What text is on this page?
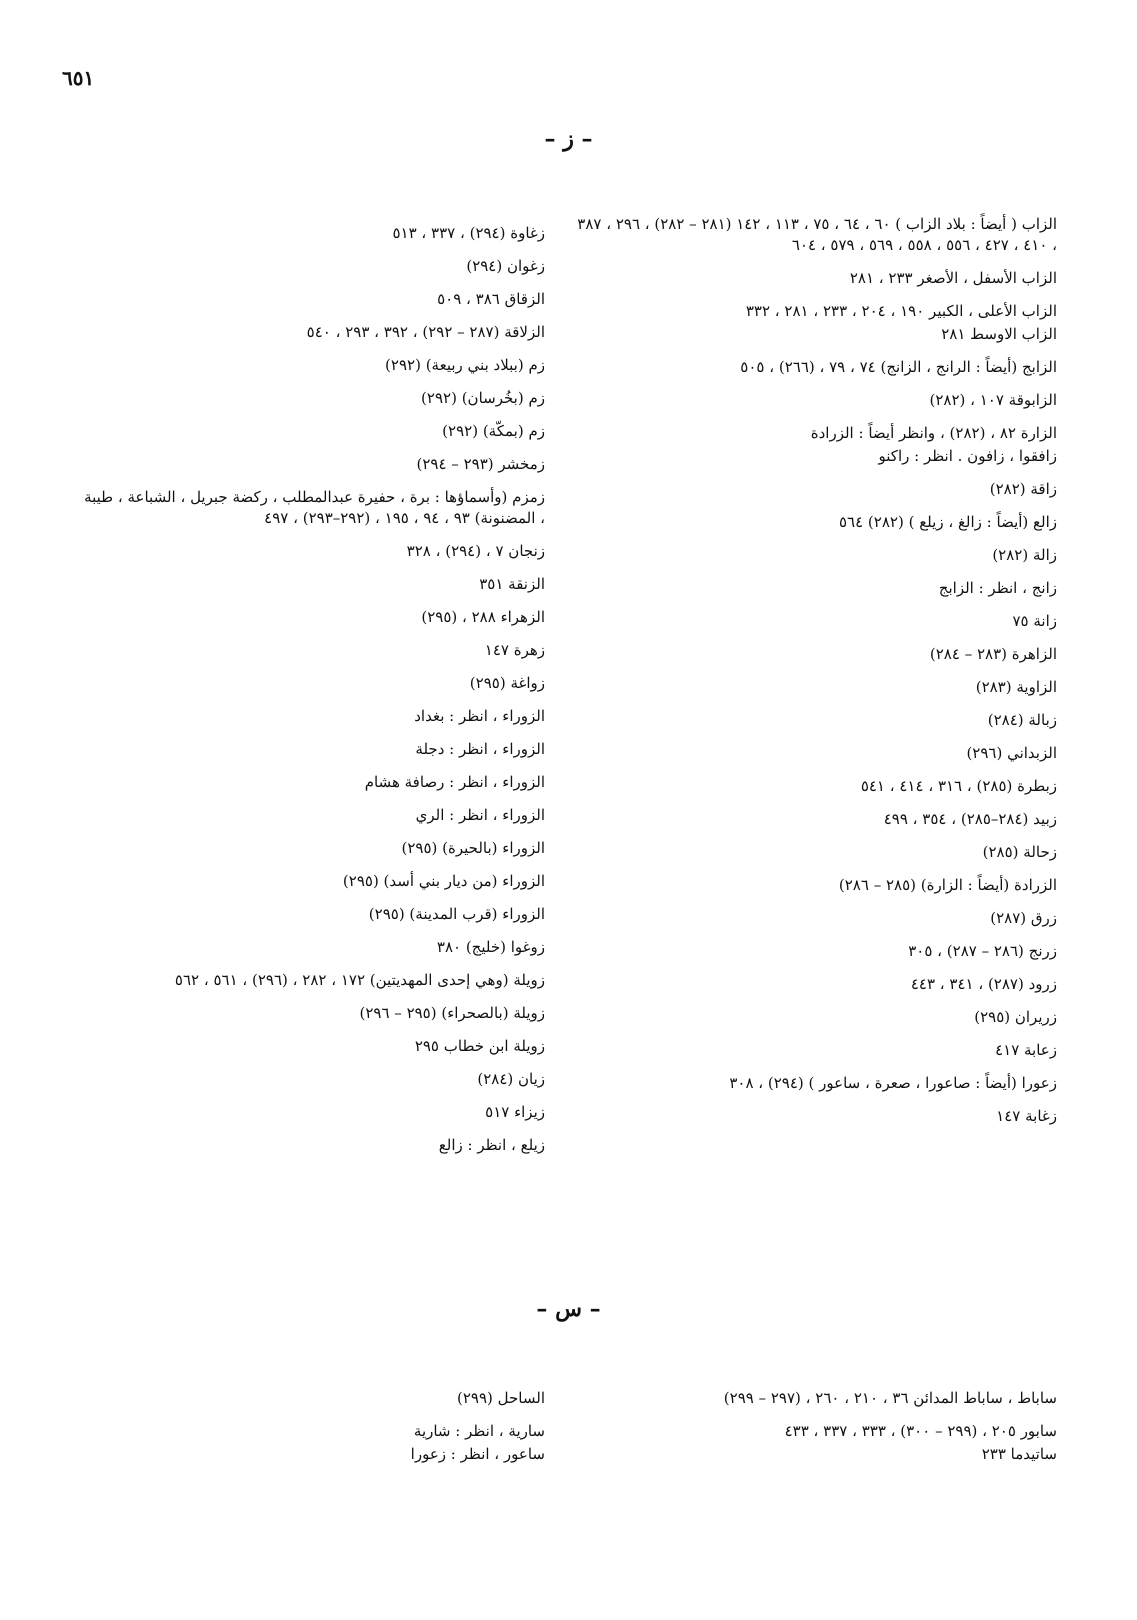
٦٥١
– ز –
الزاب ( أيضاً : بلاد الزاب ) ٦٠ ، ٦٤ ، ٧٥ ، ١١٣ ، ١٤٢ (٢٨١ – ٢٨٢) ، ٢٩٦ ، ٣٨٧ ، ٤١٠ ، ٤٢٧ ، ٥٥٦ ، ٥٥٨ ، ٥٦٩ ، ٥٧٩ ، ٦٠٤
الزاب الأسفل ، الأصغر ٢٣٣ ، ٢٨١
الزاب الأعلى ، الكبير ١٩٠ ، ٢٠٤ ، ٢٣٣ ، ٢٨١ ، ٣٣٢
الزاب الاوسط ٢٨١
الزابج (أيضاً : الرانج ، الزانج) ٧٤ ، ٧٩ ، (٢٦٦) ، ٥٠٥
الزابوقة ١٠٧ ، (٢٨٢)
الزارة ٨٢ ، (٢٨٢) ، وانظر أيضاً : الزرادة
زافقوا ، زافون . انظر : راكنو
زاقة (٢٨٢)
زالع (أيضاً : زالغ ، زيلع ) (٢٨٢) ٥٦٤
زالة (٢٨٢)
زانج ، انظر : الزابج
زانة ٧٥
الزاهرة (٢٨٣ – ٢٨٤)
الزاوية (٢٨٣)
زبالة (٢٨٤)
الزبداني (٢٩٦)
زبطرة (٢٨٥) ، ٣١٦ ، ٤١٤ ، ٥٤١
زبيد (٢٨٤–٢٨٥) ، ٣٥٤ ، ٤٩٩
زحالة (٢٨٥)
الزرادة (أيضاً : الزارة) (٢٨٥ – ٢٨٦)
زرق (٢٨٧)
زرنج (٢٨٦ – ٢٨٧) ، ٣٠٥
زرود (٢٨٧) ، ٣٤١ ، ٤٤٣
زريران (٢٩٥)
زعابة ٤١٧
زعورا (أيضاً : صاعورا ، صعرة ، ساعور ) (٢٩٤) ، ٣٠٨
زغابة ١٤٧
زغاوة (٢٩٤) ، ٣٣٧ ، ٥١٣
زغوان (٢٩٤)
الزقاق ٣٨٦ ، ٥٠٩
الزلاقة (٢٨٧ – ٢٩٢) ، ٣٩٢ ، ٢٩٣ ، ٥٤٠
زم (ببلاد بني ربيعة) (٢٩٢)
زم (بخُرسان) (٢٩٢)
زم (بمكّة) (٢٩٢)
زمخشر (٢٩٣ – ٢٩٤)
زمزم (وأسماؤها : برة ، حفيرة عبدالمطلب ، ركضة جبريل ، الشباعة ، طيبة ، المضنونة) ٩٣ ، ٩٤ ، ١٩٥ ، (٢٩٢–٢٩٣) ، ٤٩٧
زنجان ٧ ، (٢٩٤) ، ٣٢٨
الزنقة ٣٥١
الزهراء ٢٨٨ ، (٢٩٥)
زهرة ١٤٧
زواغة (٢٩٥)
الزوراء ، انظر : بغداد
الزوراء ، انظر : دجلة
الزوراء ، انظر : رصافة هشام
الزوراء ، انظر : الري
الزوراء (بالحيرة) (٢٩٥)
الزوراء (من ديار بني أسد) (٢٩٥)
الزوراء (قرب المدينة) (٢٩٥)
زوغوا (خليج) ٣٨٠
زويلة (وهي إحدى المهديتين) ١٧٢ ، ٢٨٢ ، (٢٩٦) ، ٥٦١ ، ٥٦٢
زويلة (بالصحراء) (٢٩٥ – ٢٩٦)
زويلة ابن خطاب ٢٩٥
زيان (٢٨٤)
زيزاء ٥١٧
زيلع ، انظر : زالع
– س –
ساباط ، ساباط المدائن ٣٦ ، ٢١٠ ، ٢٦٠ ، (٢٩٧ – ٢٩٩)
سابور ٢٠٥ ، (٢٩٩ – ٣٠٠) ، ٣٣٣ ، ٣٣٧ ، ٤٣٣
ساتيدما ٢٣٣
الساحل (٢٩٩)
سارية ، انظر : شارية
ساعور ، انظر : زعورا
